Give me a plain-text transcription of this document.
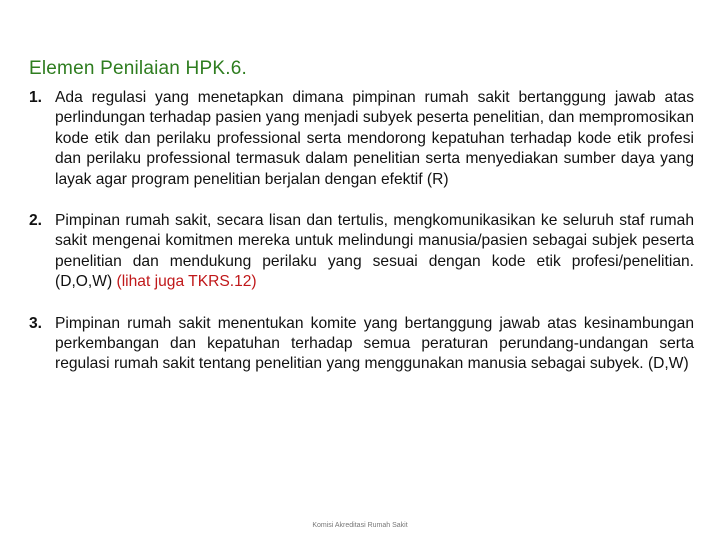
Elemen Penilaian HPK.6.
1. Ada regulasi yang menetapkan dimana pimpinan rumah sakit bertanggung jawab atas perlindungan terhadap pasien yang menjadi subyek peserta penelitian, dan mempromosikan kode etik dan perilaku professional serta mendorong kepatuhan terhadap kode etik profesi dan perilaku professional termasuk dalam penelitian serta menyediakan sumber daya yang layak agar program penelitian berjalan dengan efektif (R)
2. Pimpinan rumah sakit, secara lisan dan tertulis, mengkomunikasikan ke seluruh staf rumah sakit mengenai komitmen mereka untuk melindungi manusia/pasien sebagai subjek peserta penelitian dan mendukung perilaku yang sesuai dengan kode etik profesi/penelitian. (D,O,W) (lihat juga TKRS.12)
3. Pimpinan rumah sakit menentukan komite yang bertanggung jawab atas kesinambungan perkembangan dan kepatuhan terhadap semua peraturan perundang-undangan serta regulasi rumah sakit tentang penelitian yang menggunakan manusia sebagai subyek. (D,W)
Komisi Akreditasi Rumah Sakit
